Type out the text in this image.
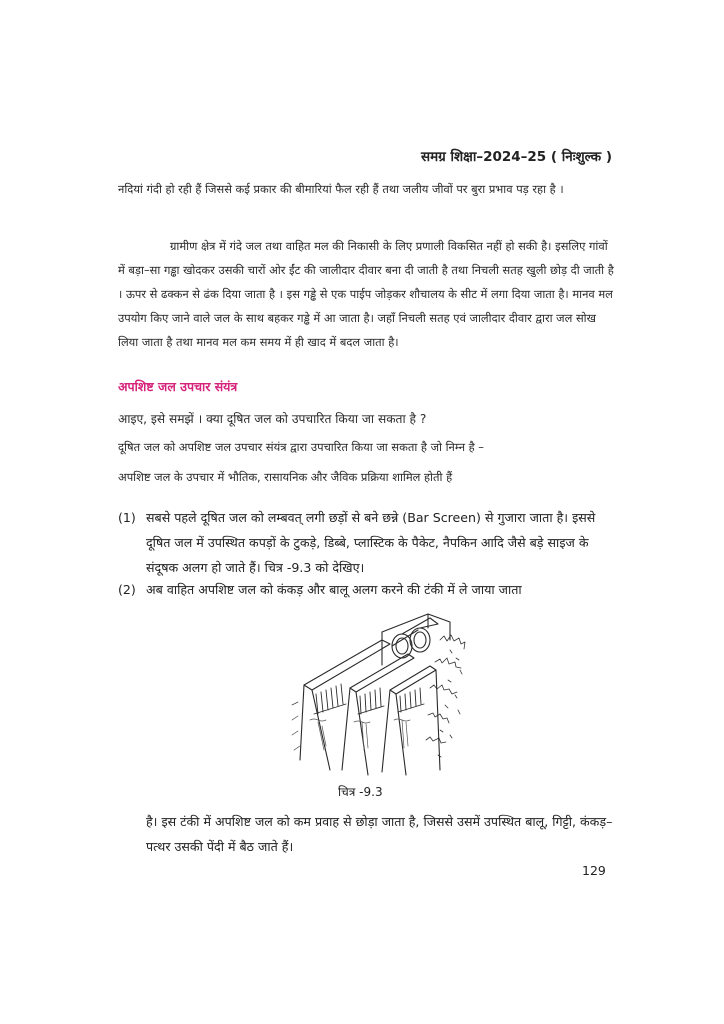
समग्र शिक्षा–2024–25 ( निःशुल्क )

नदियां गंदी हो रही हैं जिससे कई प्रकार की बीमारियां फैल रही हैं तथा जलीय जीवों पर बुरा प्रभाव पड़ रहा है ।

ग्रामीण क्षेत्र में गंदे जल तथा वाहित मल की निकासी के लिए प्रणाली विकसित नहीं हो सकी है। इसलिए गांवों में बड़ा–सा गड्ढा खोदकर उसकी चारों ओर ईंट की जालीदार दीवार बना दी जाती है तथा निचली सतह खुली छोड़ दी जाती है । ऊपर से ढक्कन से ढंक दिया जाता है । इस गड्ढे से एक पाईप जोड़कर शौचालय के सीट में लगा दिया जाता है। मानव मल उपयोग किए जाने वाले जल के साथ बहकर गड्ढे में आ जाता है। जहाँ निचली सतह एवं जालीदार दीवार द्वारा जल सोख लिया जाता है तथा मानव मल कम समय में ही खाद में बदल जाता है।

अपशिष्ट जल उपचार संयंत्र
आइए, इसे समझें । क्या दूषित जल को उपचारित किया जा सकता है ?
दूषित जल को अपशिष्ट जल उपचार संयंत्र द्वारा उपचारित किया जा सकता है जो निम्न है –
अपशिष्ट जल के उपचार में भौतिक, रासायनिक और जैविक प्रक्रिया शामिल होती हैं
(1) सबसे पहले दूषित जल को लम्बवत् लगी छड़ों से बने छन्ने (Bar Screen) से गुजारा जाता है। इससे दूषित जल में उपस्थित कपड़ों के टुकड़े, डिब्बे, प्लास्टिक के पैकेट, नैपकिन आदि जैसे बड़े साइज के संदूषक अलग हो जाते हैं। चित्र -9.3 को देखिए।
(2) अब वाहित अपशिष्ट जल को कंकड़ और बालू अलग करने की टंकी में ले जाया जाता
चित्र -9.3

है। इस टंकी में अपशिष्ट जल को कम प्रवाह से छोड़ा जाता है, जिससे उसमें उपस्थित बालू, गिट्टी, कंकड़–पत्थर उसकी पेंदी में बैठ जाते हैं।

129
